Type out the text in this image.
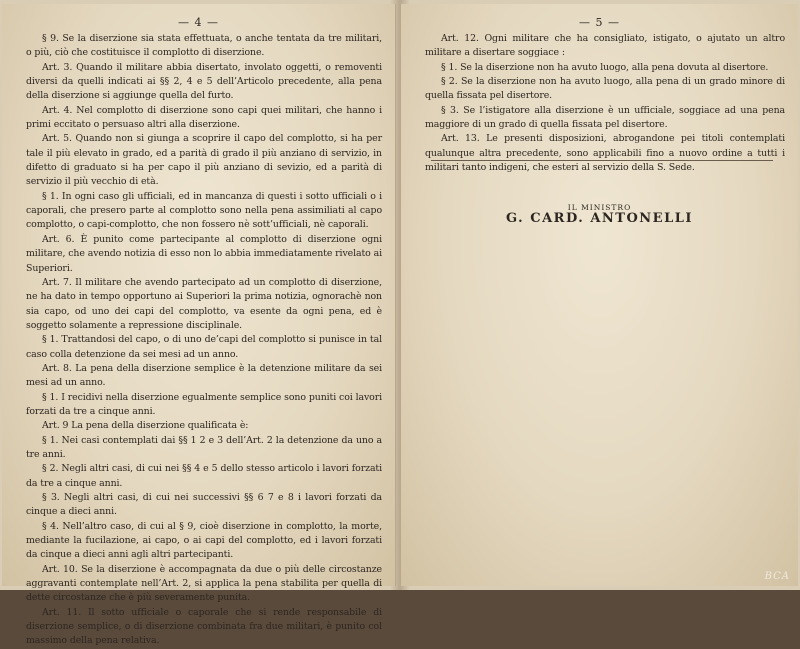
— 4 —

§ 9. Se la diserzione sia stata effettuata, o anche tentata da tre militari, o più, ciò che costituisce il complotto di diserzione.

Art. 3. Quando il militare abbia disertato, involato oggetti, o removenti diversi da quelli indicati ai §§ 2, 4 e 5 dell’Articolo precedente, alla pena della diserzione si aggiunge quella del furto.

Art. 4. Nel complotto di diserzione sono capi quei militari, che hanno i primi eccitato o persuaso altri alla diserzione.

Art. 5. Quando non si giunga a scoprire il capo del complotto, si ha per tale il più elevato in grado, ed a parità di grado il più anziano di servizio, in difetto di graduato si ha per capo il più anziano di sevizio, ed a parità di servizio il più vecchio di età.

§ 1. In ogni caso gli ufficiali, ed in mancanza di questi i sotto ufficiali o i caporali, che presero parte al complotto sono nella pena assimiliati al capo complotto, o capi-complotto, che non fossero nè sott’ufficiali, nè caporali.

Art. 6. È punito come partecipante al complotto di diserzione ogni militare, che avendo notizia di esso non lo abbia immediatamente rivelato ai Superiori.

Art. 7. Il militare che avendo partecipato ad un complotto di diserzione, ne ha dato in tempo opportuno ai Superiori la prima notizia, ognorachè non sia capo, od uno dei capi del complotto, va esente da ogni pena, ed è soggetto solamente a repressione disciplinale.

§ 1. Trattandosi del capo, o di uno de’capi del complotto si punisce in tal caso colla detenzione da sei mesi ad un anno.

Art. 8. La pena della diserzione semplice è la detenzione militare da sei mesi ad un anno.

§ 1. I recidivi nella diserzione egualmente semplice sono puniti coi lavori forzati da tre a cinque anni.

Art. 9 La pena della diserzione qualificata è:

§ 1. Nei casi contemplati dai §§ 1 2 e 3 dell’Art. 2 la detenzione da uno a tre anni.

§ 2. Negli altri casi, di cui nei §§ 4 e 5 dello stesso articolo i lavori forzati da tre a cinque anni.

§ 3. Negli altri casi, di cui nei successivi §§ 6 7 e 8 i lavori forzati da cinque a dieci anni.

§ 4. Nell’altro caso, di cui al § 9, cioè diserzione in complotto, la morte, mediante la fucilazione, ai capo, o ai capi del complotto, ed i lavori forzati da cinque a dieci anni agli altri partecipanti.

Art. 10. Se la diserzione è accompagnata da due o più delle circostanze aggravanti contemplate nell’Art. 2, si applica la pena stabilita per quella di dette circostanze che è più severamente punita.

Art. 11. Il sotto ufficiale o caporale che si rende responsabile di diserzione semplice, o di diserzione combinata fra due militari, è punito col massimo della pena relativa.

— 5 —

Art. 12. Ogni militare che ha consigliato, istigato, o ajutato un altro militare a disertare soggiace :

§ 1. Se la diserzione non ha avuto luogo, alla pena dovuta al disertore.

§ 2. Se la diserzione non ha avuto luogo, alla pena di un grado minore di quella fissata pel disertore.

§ 3. Se l’istigatore alla diserzione è un ufficiale, soggiace ad una pena maggiore di un grado di quella fissata pel disertore.

Art. 13. Le presenti disposizioni, abrogandone pei titoli contemplati qualunque altra precedente, sono applicabili fino a nuovo ordine a tutti i militari tanto indigeni, che esteri al servizio della S. Sede.

IL MINISTRO
G. CARD. ANTONELLI
BCA
